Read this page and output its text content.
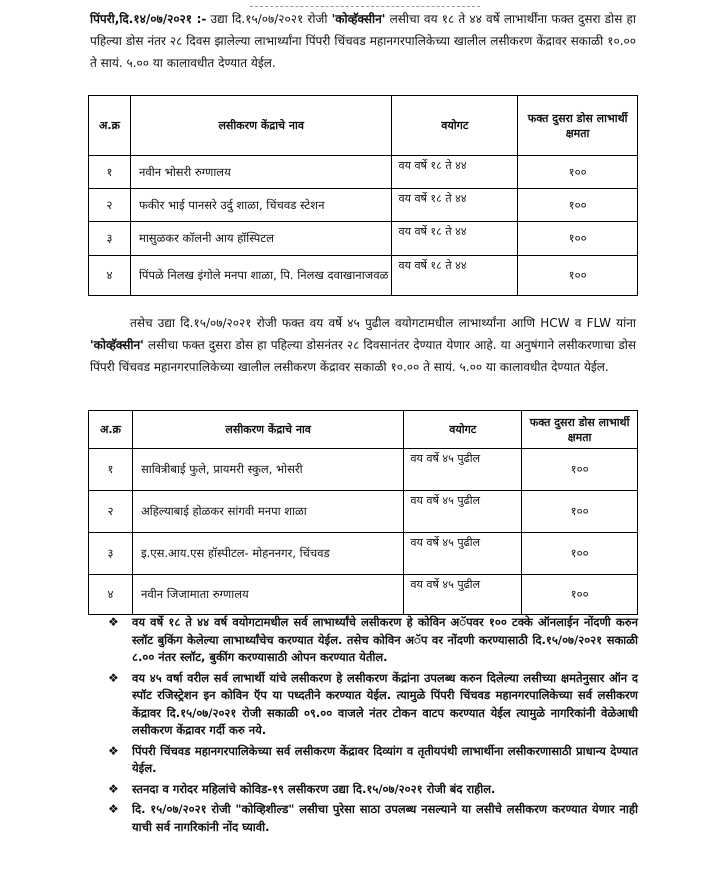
पिंपरी,दि.१४/०७/२०२१ :- उद्या दि.१५/०७/२०२१ रोजी 'कोव्हॅक्सीन' लसीचा वय १८ ते ४४ वर्षे लाभार्थींना फक्त दुसरा डोस हा पहिल्या डोस नंतर २८ दिवस झालेल्या लाभार्थ्यांना पिंपरी चिंचवड महानगरपालिकेच्या खालील लसीकरण केंद्रावर सकाळी १०.०० ते सायं. ५.०० या कालावधीत देण्यात येईल.

अ.क्र	लसीकरण केंद्राचे नाव	वयोगट	फक्त दुसरा डोस लाभार्थी क्षमता
१	नवीन भोसरी रुग्णालय	वय वर्षे १८ ते ४४	१००
२	फकीर भाई पानसरे उर्दु शाळा, चिंचवड स्टेशन	वय वर्षे १८ ते ४४	१००
३	मासुळकर कॉलनी आय हॉस्पिटल	वय वर्षे १८ ते ४४	१००
४	पिंपळे निलख इंगोले मनपा शाळा, पि. निलख दवाखानाजवळ	वय वर्षे १८ ते ४४	१००

तसेच उद्या दि.१५/०७/२०२१ रोजी फक्त वय वर्षे ४५ पुढील वयोगटामधील लाभार्थ्यांना आणि HCW व FLW यांना 'कोव्हॅक्सीन' लसीचा फक्त दुसरा डोस हा पहिल्या डोसनंतर २८ दिवसानंतर देण्यात येणार आहे. या अनुषंगाने लसीकरणाचा डोस पिंपरी चिंचवड महानगरपालिकेच्या खालील लसीकरण केंद्रावर सकाळी १०.०० ते सायं. ५.०० या कालावधीत देण्यात येईल.

अ.क्र	लसीकरण केंद्राचे नाव	वयोगट	फक्त दुसरा डोस लाभार्थी क्षमता
१	सावित्रीबाई फुले, प्रायमरी स्कुल, भोसरी	वय वर्षे ४५ पुढील	१००
२	अहिल्याबाई होळकर सांगवी मनपा शाळा	वय वर्षे ४५ पुढील	१००
३	इ.एस.आय.एस हॉस्पीटल- मोहननगर, चिंचवड	वय वर्षे ४५ पुढील	१००
४	नवीन जिजामाता रुग्णालय	वय वर्षे ४५ पुढील	१००
❖ वय वर्षे १८ ते ४४ वर्ष वयोगटामधील सर्व लाभार्थ्यांचे लसीकरण हे कोविन अॅपवर १०० टक्के ऑनलाईन नोंदणी करुन स्लॉट बुकिंग केलेल्या लाभार्थ्यांचेच करण्यात येईल. तसेच कोविन अॅप वर नोंदणी करण्यासाठी दि.१५/०७/२०२१ सकाळी ८.०० नंतर स्लॉट, बुकींग करण्यासाठी ओपन करण्यात येतील.
❖ वय ४५ वर्षा वरील सर्व लाभार्थी यांचे लसीकरण हे लसीकरण केंद्रांना उपलब्ध करुन दिलेल्या लसीच्या क्षमतेनुसार ऑन द स्पॉट रजिस्ट्रेशन इन कोविन ऍप या पध्दतीने करण्यात येईल. त्यामुळे पिंपरी चिंचवड महानगरपालिकेच्या सर्व लसीकरण केंद्रावर दि.१५/०७/२०२१ रोजी सकाळी ०९.०० वाजले नंतर टोकन वाटप करण्यात येईल त्यामुळे नागरिकांनी वेळेआधी लसीकरण केंद्रावर गर्दी करु नये.
❖ पिंपरी चिंचवड महानगरपालिकेच्या सर्व लसीकरण केंद्रावर दिव्यांग व तृतीयपंथी लाभार्थीना लसीकरणासाठी प्राधान्य देण्यात येईल.
❖ स्तनदा व गरोदर महिलांचे कोविड-१९ लसीकरण उद्या दि.१५/०७/२०२१ रोजी बंद राहील.
❖ दि. १५/०७/२०२१ रोजी "कोव्हिशील्ड" लसीचा पुरेसा साठा उपलब्ध नसल्याने या लसीचे लसीकरण करण्यात येणार नाही याची सर्व नागरिकांनी नोंद घ्यावी.
